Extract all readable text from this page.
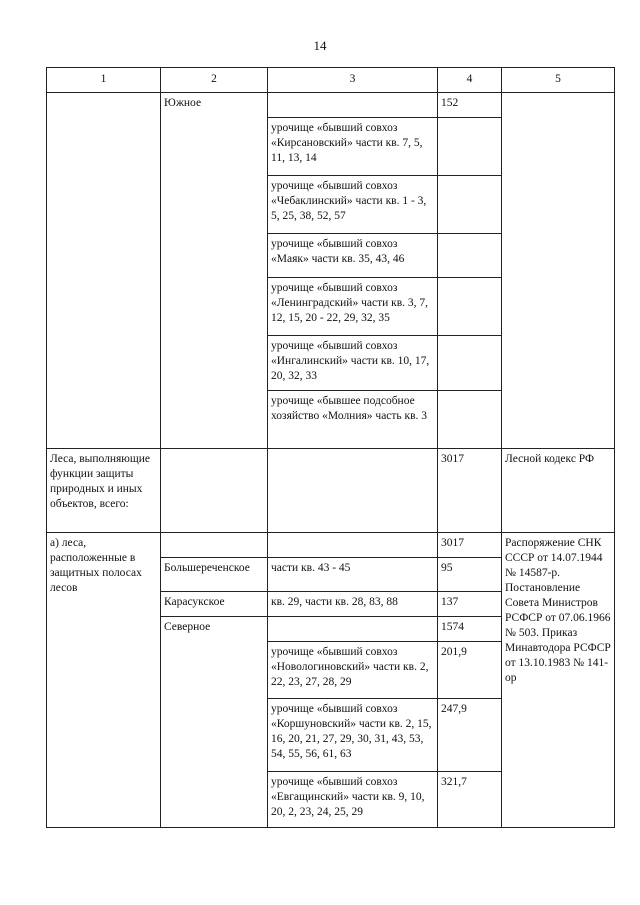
14
1	2	3	4	5
	Южное		152	
		урочище «бывший совхоз «Кирсановский» части кв. 7, 5, 11, 13, 14		
		урочище «бывший совхоз «Чебаклинский» части кв. 1 - 3, 5, 25, 38, 52, 57		
		урочище «бывший совхоз «Маяк» части кв. 35, 43, 46		
		урочище «бывший совхоз «Ленинградский» части кв. 3, 7, 12, 15, 20 - 22, 29, 32, 35		
		урочище «бывший совхоз «Ингалинский» части кв. 10, 17, 20, 32, 33		
		урочище «бывшее подсобное хозяйство «Молния» часть кв. 3		
Леса, выполняющие функции защиты природных и иных объектов, всего:			3017	Лесной кодекс РФ
а) леса, расположенные в защитных полосах лесов			3017	Распоряжение СНК СССР от 14.07.1944 № 14587-р. Постановление Совета Министров РСФСР от 07.06.1966 № 503. Приказ Минавтодора РСФСР от 13.10.1983 № 141-ор
	Большереченское	части кв. 43 - 45	95	
	Карасукское	кв. 29, части кв. 28, 83, 88	137	
	Северное		1574	
		урочище «бывший совхоз «Новологиновский» части кв. 2, 22, 23, 27, 28, 29	201,9	
		урочище «бывший совхоз «Коршуновский» части кв. 2, 15, 16, 20, 21, 27, 29, 30, 31, 43, 53, 54, 55, 56, 61, 63	247,9	
		урочище «бывший совхоз «Евгащинский» части кв. 9, 10, 20, 2, 23, 24, 25, 29	321,7	
